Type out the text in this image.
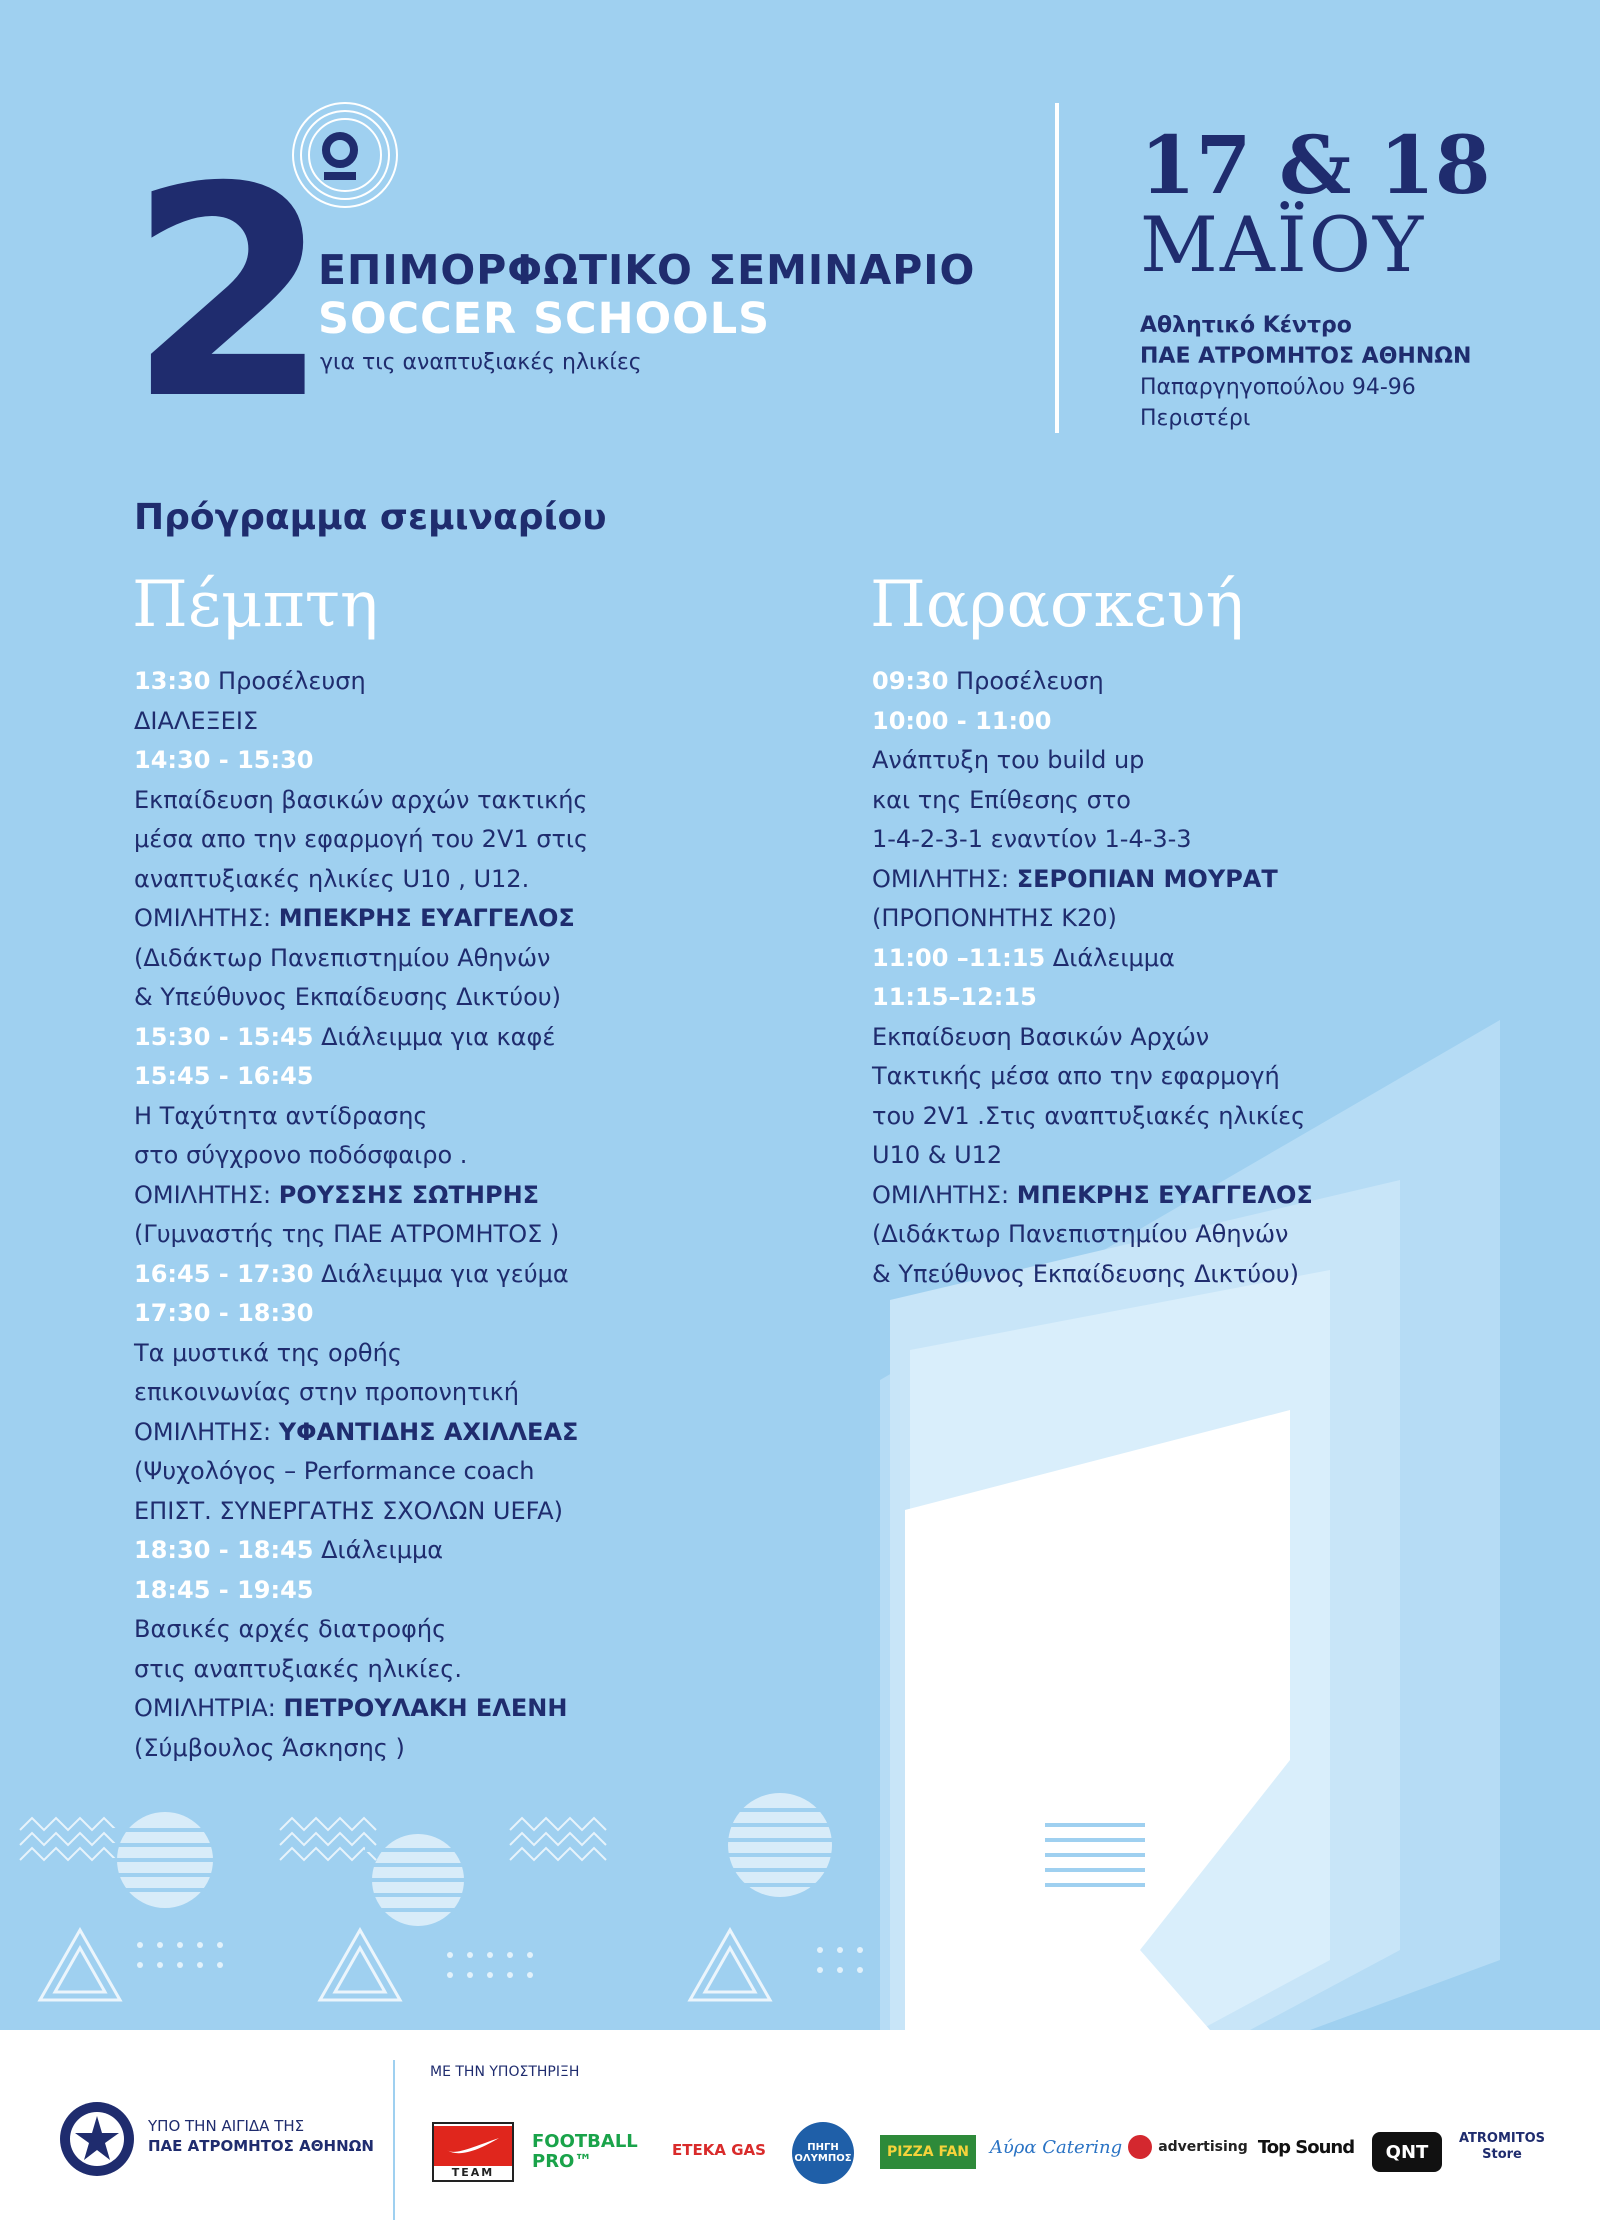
2
ΕΠΙΜΟΡΦΩΤΙΚΟ ΣΕΜΙΝΑΡΙΟ
SOCCER SCHOOLS
για τις αναπτυξιακές ηλικίες
17 & 18
ΜΑΪΟΥ
Αθλητικό Κέντρο
ΠΑΕ ΑΤΡΟΜΗΤΟΣ ΑΘΗΝΩΝ
Παπαργηγοπούλου 94-96
Περιστέρι
Πρόγραμμα σεμιναρίου
Πέμπτη	Παρασκευή
13:30 Προσέλευση
ΔΙΑΛΕΞΕΙΣ
14:30 - 15:30
Εκπαίδευση βασικών αρχών τακτικής
μέσα απο την εφαρμογή του 2V1 στις
αναπτυξιακές ηλικίες U10 , U12.
ΟΜΙΛΗΤΗΣ: ΜΠΕΚΡΗΣ ΕΥΑΓΓΕΛΟΣ
(Διδάκτωρ Πανεπιστημίου Αθηνών
& Υπεύθυνος Εκπαίδευσης Δικτύου)
15:30 - 15:45 Διάλειμμα για καφέ
15:45 - 16:45
Η Ταχύτητα αντίδρασης
στο σύγχρονο ποδόσφαιρο .
ΟΜΙΛΗΤΗΣ: ΡΟΥΣΣΗΣ ΣΩΤΗΡΗΣ
(Γυμναστής της ΠΑΕ ΑΤΡΟΜΗΤΟΣ )
16:45 - 17:30 Διάλειμμα για γεύμα
17:30 - 18:30
Τα μυστικά της ορθής
επικοινωνίας στην προπονητική
ΟΜΙΛΗΤΗΣ: ΥΦΑΝΤΙΔΗΣ ΑΧΙΛΛΕΑΣ
(Ψυχολόγος – Performance coach
ΕΠΙΣΤ. ΣΥΝΕΡΓΑΤΗΣ ΣΧΟΛΩΝ UEFA)
18:30 - 18:45 Διάλειμμα
18:45 - 19:45
Βασικές αρχές διατροφής
στις αναπτυξιακές ηλικίες.
ΟΜΙΛΗΤΡΙΑ: ΠΕΤΡΟΥΛΑΚΗ ΕΛΕΝΗ
(Σύμβουλος Άσκησης )
09:30 Προσέλευση
10:00 - 11:00
Ανάπτυξη του build up
και της Επίθεσης στο
1-4-2-3-1 εναντίον 1-4-3-3
ΟΜΙΛΗΤΗΣ: ΣΕΡΟΠΙΑΝ ΜΟΥΡΑΤ
(ΠΡΟΠΟΝΗΤΗΣ Κ20)
11:00 –11:15 Διάλειμμα
11:15–12:15
Εκπαίδευση Βασικών Αρχών
Τακτικής μέσα απο την εφαρμογή
του 2V1 .Στις αναπτυξιακές ηλικίες
U10 & U12
ΟΜΙΛΗΤΗΣ: ΜΠΕΚΡΗΣ ΕΥΑΓΓΕΛΟΣ
(Διδάκτωρ Πανεπιστημίου Αθηνών
& Υπεύθυνος Εκπαίδευσης Δικτύου)
ΥΠΟ ΤΗΝ ΑΙΓΙΔΑ ΤΗΣ
ΠΑΕ ΑΤΡΟΜΗΤΟΣ ΑΘΗΝΩΝ
ΜΕ ΤΗΝ ΥΠΟΣΤΗΡΙΞΗ
TEAM
FOOTBALL PRO™
ETEKA GAS	ΠΗΓΗ ΟΛΥΜΠΟΣ	PIZZA FAN	Αύρα Catering	advertising Top Sound	QNT
ATROMITOS Store
